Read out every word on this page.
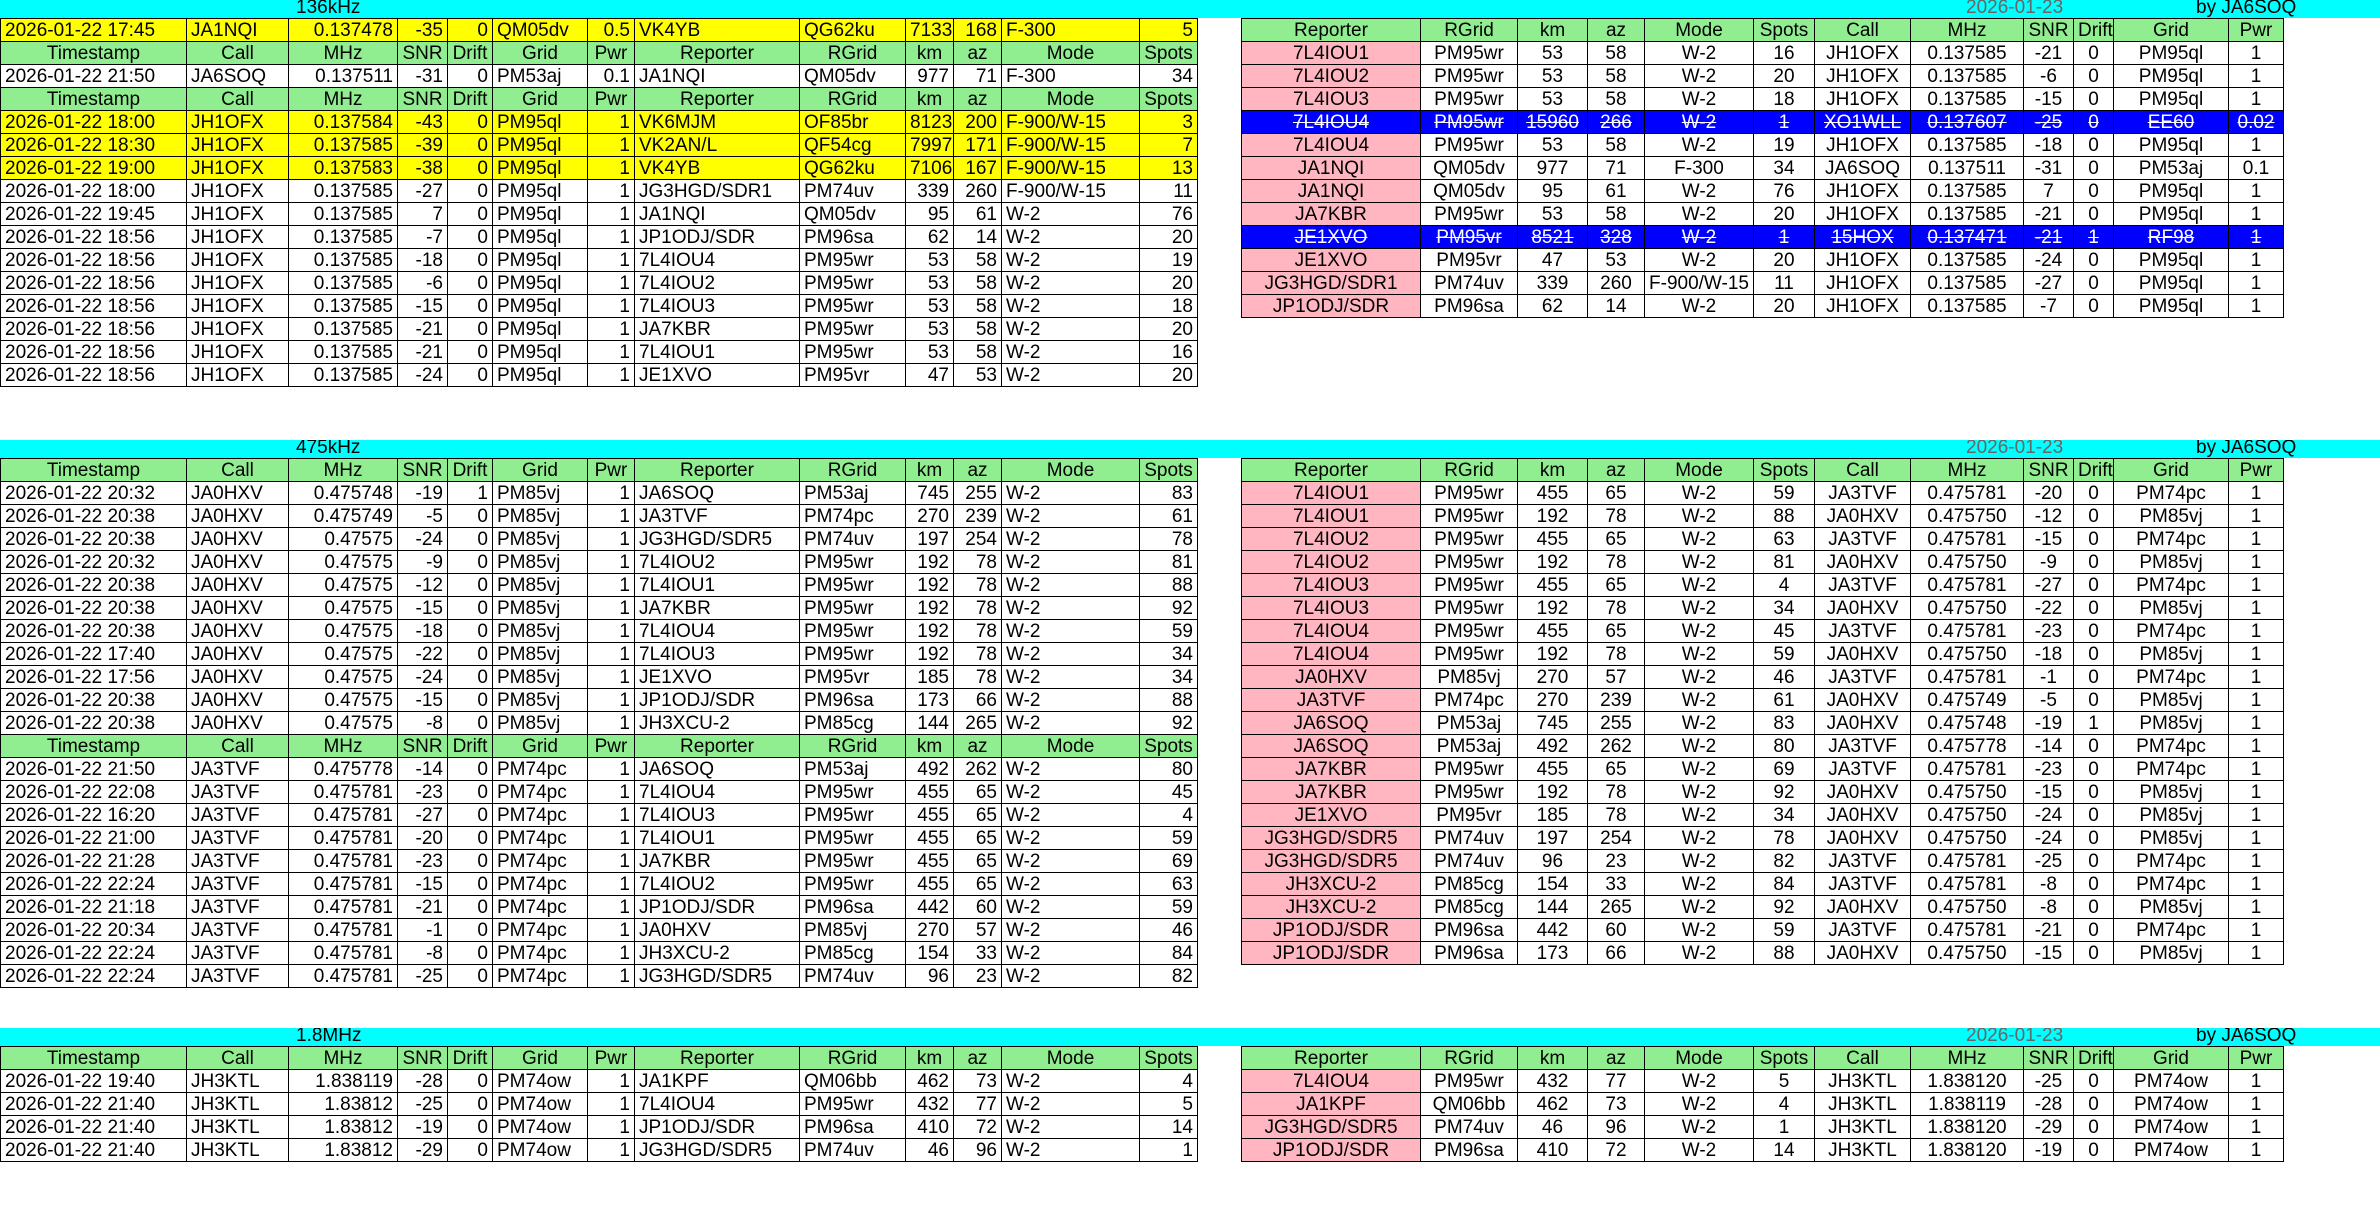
136kHz	2026-01-23	by JA6SOQ
2026-01-22 17:45	JA1NQI	0.137478	-35	0	QM05dv	0.5	VK4YB	QG62ku	7133	168	F-300	5
Timestamp	Call	MHz	SNR	Drift	Grid	Pwr	Reporter	RGrid	km	az	Mode	Spots
2026-01-22 21:50	JA6SOQ	0.137511	-31	0	PM53aj	0.1	JA1NQI	QM05dv	977	71	F-300	34
Timestamp	Call	MHz	SNR	Drift	Grid	Pwr	Reporter	RGrid	km	az	Mode	Spots
2026-01-22 18:00	JH1OFX	0.137584	-43	0	PM95ql	1	VK6MJM	OF85br	8123	200	F-900/W-15	3
2026-01-22 18:30	JH1OFX	0.137585	-39	0	PM95ql	1	VK2AN/L	QF54cg	7997	171	F-900/W-15	7
2026-01-22 19:00	JH1OFX	0.137583	-38	0	PM95ql	1	VK4YB	QG62ku	7106	167	F-900/W-15	13
2026-01-22 18:00	JH1OFX	0.137585	-27	0	PM95ql	1	JG3HGD/SDR1	PM74uv	339	260	F-900/W-15	11
2026-01-22 19:45	JH1OFX	0.137585	7	0	PM95ql	1	JA1NQI	QM05dv	95	61	W-2	76
2026-01-22 18:56	JH1OFX	0.137585	-7	0	PM95ql	1	JP1ODJ/SDR	PM96sa	62	14	W-2	20
2026-01-22 18:56	JH1OFX	0.137585	-18	0	PM95ql	1	7L4IOU4	PM95wr	53	58	W-2	19
2026-01-22 18:56	JH1OFX	0.137585	-6	0	PM95ql	1	7L4IOU2	PM95wr	53	58	W-2	20
2026-01-22 18:56	JH1OFX	0.137585	-15	0	PM95ql	1	7L4IOU3	PM95wr	53	58	W-2	18
2026-01-22 18:56	JH1OFX	0.137585	-21	0	PM95ql	1	JA7KBR	PM95wr	53	58	W-2	20
2026-01-22 18:56	JH1OFX	0.137585	-21	0	PM95ql	1	7L4IOU1	PM95wr	53	58	W-2	16
2026-01-22 18:56	JH1OFX	0.137585	-24	0	PM95ql	1	JE1XVO	PM95vr	47	53	W-2	20
Reporter	RGrid	km	az	Mode	Spots	Call	MHz	SNR	Drift	Grid	Pwr
7L4IOU1	PM95wr	53	58	W-2	16	JH1OFX	0.137585	-21	0	PM95ql	1
7L4IOU2	PM95wr	53	58	W-2	20	JH1OFX	0.137585	-6	0	PM95ql	1
7L4IOU3	PM95wr	53	58	W-2	18	JH1OFX	0.137585	-15	0	PM95ql	1
7L4IOU4	PM95wr	15960	266	W-2	1	XO1WLL	0.137607	-25	0	EE60	0.02
7L4IOU4	PM95wr	53	58	W-2	19	JH1OFX	0.137585	-18	0	PM95ql	1
JA1NQI	QM05dv	977	71	F-300	34	JA6SOQ	0.137511	-31	0	PM53aj	0.1
JA1NQI	QM05dv	95	61	W-2	76	JH1OFX	0.137585	7	0	PM95ql	1
JA7KBR	PM95wr	53	58	W-2	20	JH1OFX	0.137585	-21	0	PM95ql	1
JE1XVO	PM95vr	8521	328	W-2	1	15HOX	0.137471	-21	1	RF98	1
JE1XVO	PM95vr	47	53	W-2	20	JH1OFX	0.137585	-24	0	PM95ql	1
JG3HGD/SDR1	PM74uv	339	260	F-900/W-15	11	JH1OFX	0.137585	-27	0	PM95ql	1
JP1ODJ/SDR	PM96sa	62	14	W-2	20	JH1OFX	0.137585	-7	0	PM95ql	1
475kHz	2026-01-23	by JA6SOQ
Timestamp	Call	MHz	SNR	Drift	Grid	Pwr	Reporter	RGrid	km	az	Mode	Spots
2026-01-22 20:32	JA0HXV	0.475748	-19	1	PM85vj	1	JA6SOQ	PM53aj	745	255	W-2	83
2026-01-22 20:38	JA0HXV	0.475749	-5	0	PM85vj	1	JA3TVF	PM74pc	270	239	W-2	61
2026-01-22 20:38	JA0HXV	0.47575	-24	0	PM85vj	1	JG3HGD/SDR5	PM74uv	197	254	W-2	78
2026-01-22 20:32	JA0HXV	0.47575	-9	0	PM85vj	1	7L4IOU2	PM95wr	192	78	W-2	81
2026-01-22 20:38	JA0HXV	0.47575	-12	0	PM85vj	1	7L4IOU1	PM95wr	192	78	W-2	88
2026-01-22 20:38	JA0HXV	0.47575	-15	0	PM85vj	1	JA7KBR	PM95wr	192	78	W-2	92
2026-01-22 20:38	JA0HXV	0.47575	-18	0	PM85vj	1	7L4IOU4	PM95wr	192	78	W-2	59
2026-01-22 17:40	JA0HXV	0.47575	-22	0	PM85vj	1	7L4IOU3	PM95wr	192	78	W-2	34
2026-01-22 17:56	JA0HXV	0.47575	-24	0	PM85vj	1	JE1XVO	PM95vr	185	78	W-2	34
2026-01-22 20:38	JA0HXV	0.47575	-15	0	PM85vj	1	JP1ODJ/SDR	PM96sa	173	66	W-2	88
2026-01-22 20:38	JA0HXV	0.47575	-8	0	PM85vj	1	JH3XCU-2	PM85cg	144	265	W-2	92
Timestamp	Call	MHz	SNR	Drift	Grid	Pwr	Reporter	RGrid	km	az	Mode	Spots
2026-01-22 21:50	JA3TVF	0.475778	-14	0	PM74pc	1	JA6SOQ	PM53aj	492	262	W-2	80
2026-01-22 22:08	JA3TVF	0.475781	-23	0	PM74pc	1	7L4IOU4	PM95wr	455	65	W-2	45
2026-01-22 16:20	JA3TVF	0.475781	-27	0	PM74pc	1	7L4IOU3	PM95wr	455	65	W-2	4
2026-01-22 21:00	JA3TVF	0.475781	-20	0	PM74pc	1	7L4IOU1	PM95wr	455	65	W-2	59
2026-01-22 21:28	JA3TVF	0.475781	-23	0	PM74pc	1	JA7KBR	PM95wr	455	65	W-2	69
2026-01-22 22:24	JA3TVF	0.475781	-15	0	PM74pc	1	7L4IOU2	PM95wr	455	65	W-2	63
2026-01-22 21:18	JA3TVF	0.475781	-21	0	PM74pc	1	JP1ODJ/SDR	PM96sa	442	60	W-2	59
2026-01-22 20:34	JA3TVF	0.475781	-1	0	PM74pc	1	JA0HXV	PM85vj	270	57	W-2	46
2026-01-22 22:24	JA3TVF	0.475781	-8	0	PM74pc	1	JH3XCU-2	PM85cg	154	33	W-2	84
2026-01-22 22:24	JA3TVF	0.475781	-25	0	PM74pc	1	JG3HGD/SDR5	PM74uv	96	23	W-2	82
Reporter	RGrid	km	az	Mode	Spots	Call	MHz	SNR	Drift	Grid	Pwr
7L4IOU1	PM95wr	455	65	W-2	59	JA3TVF	0.475781	-20	0	PM74pc	1
7L4IOU1	PM95wr	192	78	W-2	88	JA0HXV	0.475750	-12	0	PM85vj	1
7L4IOU2	PM95wr	455	65	W-2	63	JA3TVF	0.475781	-15	0	PM74pc	1
7L4IOU2	PM95wr	192	78	W-2	81	JA0HXV	0.475750	-9	0	PM85vj	1
7L4IOU3	PM95wr	455	65	W-2	4	JA3TVF	0.475781	-27	0	PM74pc	1
7L4IOU3	PM95wr	192	78	W-2	34	JA0HXV	0.475750	-22	0	PM85vj	1
7L4IOU4	PM95wr	455	65	W-2	45	JA3TVF	0.475781	-23	0	PM74pc	1
7L4IOU4	PM95wr	192	78	W-2	59	JA0HXV	0.475750	-18	0	PM85vj	1
JA0HXV	PM85vj	270	57	W-2	46	JA3TVF	0.475781	-1	0	PM74pc	1
JA3TVF	PM74pc	270	239	W-2	61	JA0HXV	0.475749	-5	0	PM85vj	1
JA6SOQ	PM53aj	745	255	W-2	83	JA0HXV	0.475748	-19	1	PM85vj	1
JA6SOQ	PM53aj	492	262	W-2	80	JA3TVF	0.475778	-14	0	PM74pc	1
JA7KBR	PM95wr	455	65	W-2	69	JA3TVF	0.475781	-23	0	PM74pc	1
JA7KBR	PM95wr	192	78	W-2	92	JA0HXV	0.475750	-15	0	PM85vj	1
JE1XVO	PM95vr	185	78	W-2	34	JA0HXV	0.475750	-24	0	PM85vj	1
JG3HGD/SDR5	PM74uv	197	254	W-2	78	JA0HXV	0.475750	-24	0	PM85vj	1
JG3HGD/SDR5	PM74uv	96	23	W-2	82	JA3TVF	0.475781	-25	0	PM74pc	1
JH3XCU-2	PM85cg	154	33	W-2	84	JA3TVF	0.475781	-8	0	PM74pc	1
JH3XCU-2	PM85cg	144	265	W-2	92	JA0HXV	0.475750	-8	0	PM85vj	1
JP1ODJ/SDR	PM96sa	442	60	W-2	59	JA3TVF	0.475781	-21	0	PM74pc	1
JP1ODJ/SDR	PM96sa	173	66	W-2	88	JA0HXV	0.475750	-15	0	PM85vj	1
1.8MHz	2026-01-23	by JA6SOQ
Timestamp	Call	MHz	SNR	Drift	Grid	Pwr	Reporter	RGrid	km	az	Mode	Spots
2026-01-22 19:40	JH3KTL	1.838119	-28	0	PM74ow	1	JA1KPF	QM06bb	462	73	W-2	4
2026-01-22 21:40	JH3KTL	1.83812	-25	0	PM74ow	1	7L4IOU4	PM95wr	432	77	W-2	5
2026-01-22 21:40	JH3KTL	1.83812	-19	0	PM74ow	1	JP1ODJ/SDR	PM96sa	410	72	W-2	14
2026-01-22 21:40	JH3KTL	1.83812	-29	0	PM74ow	1	JG3HGD/SDR5	PM74uv	46	96	W-2	1
Reporter	RGrid	km	az	Mode	Spots	Call	MHz	SNR	Drift	Grid	Pwr
7L4IOU4	PM95wr	432	77	W-2	5	JH3KTL	1.838120	-25	0	PM74ow	1
JA1KPF	QM06bb	462	73	W-2	4	JH3KTL	1.838119	-28	0	PM74ow	1
JG3HGD/SDR5	PM74uv	46	96	W-2	1	JH3KTL	1.838120	-29	0	PM74ow	1
JP1ODJ/SDR	PM96sa	410	72	W-2	14	JH3KTL	1.838120	-19	0	PM74ow	1
